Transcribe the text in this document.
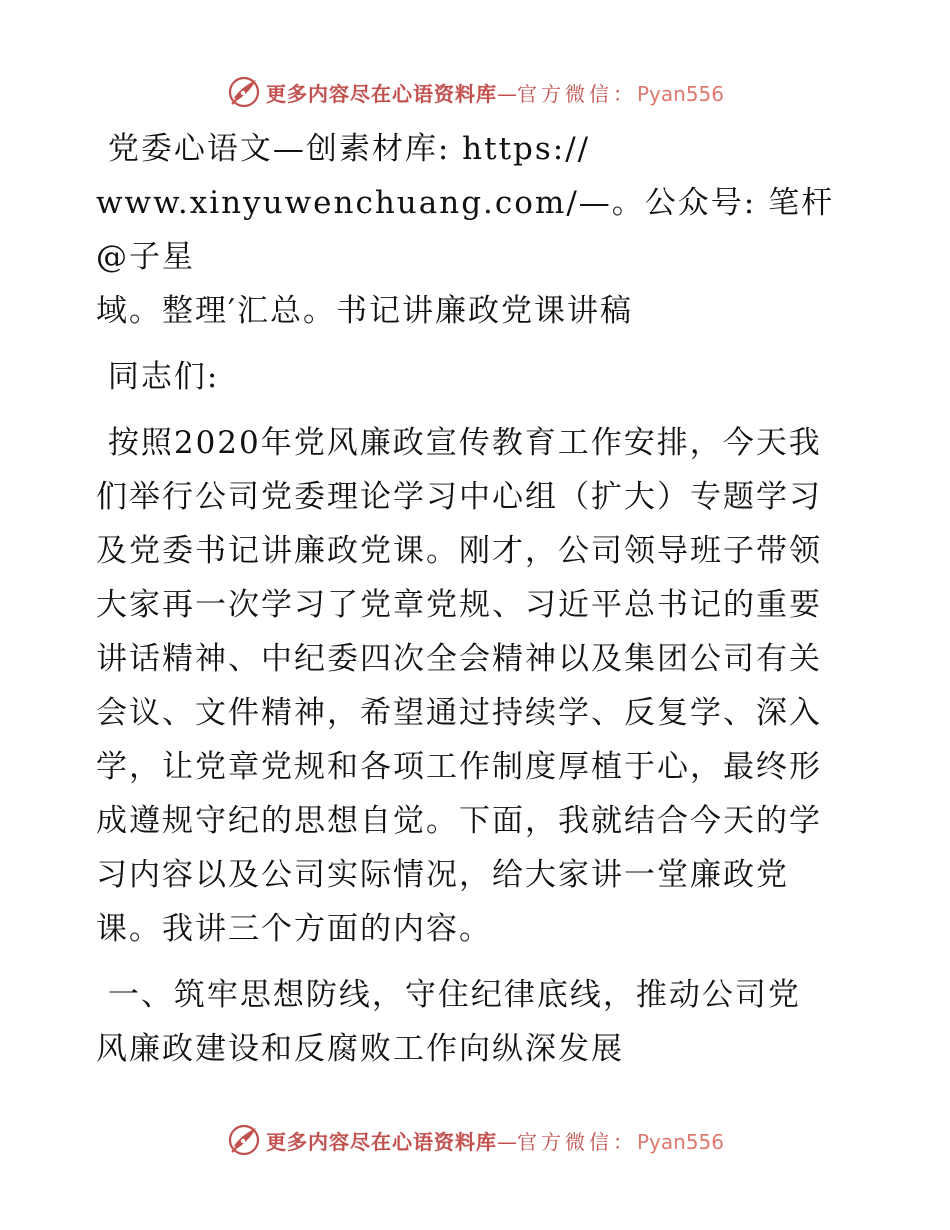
更多内容尽在心语资料库—官方微信：Pyan556

党委心语文—创素材库: https://
www.xinyuwenchuang.com/—。公众号: 笔杆@子星
域。整理′汇总。书记讲廉政党课讲稿

同志们:

按照2020年党风廉政宣传教育工作安排，今天我
们举行公司党委理论学习中心组（扩大）专题学习
及党委书记讲廉政党课。刚才，公司领导班子带领
大家再一次学习了党章党规、习近平总书记的重要
讲话精神、中纪委四次全会精神以及集团公司有关
会议、文件精神，希望通过持续学、反复学、深入
学，让党章党规和各项工作制度厚植于心，最终形
成遵规守纪的思想自觉。下面，我就结合今天的学
习内容以及公司实际情况，给大家讲一堂廉政党
课。我讲三个方面的内容。

一、筑牢思想防线，守住纪律底线，推动公司党
风廉政建设和反腐败工作向纵深发展

更多内容尽在心语资料库—官方微信：Pyan556
